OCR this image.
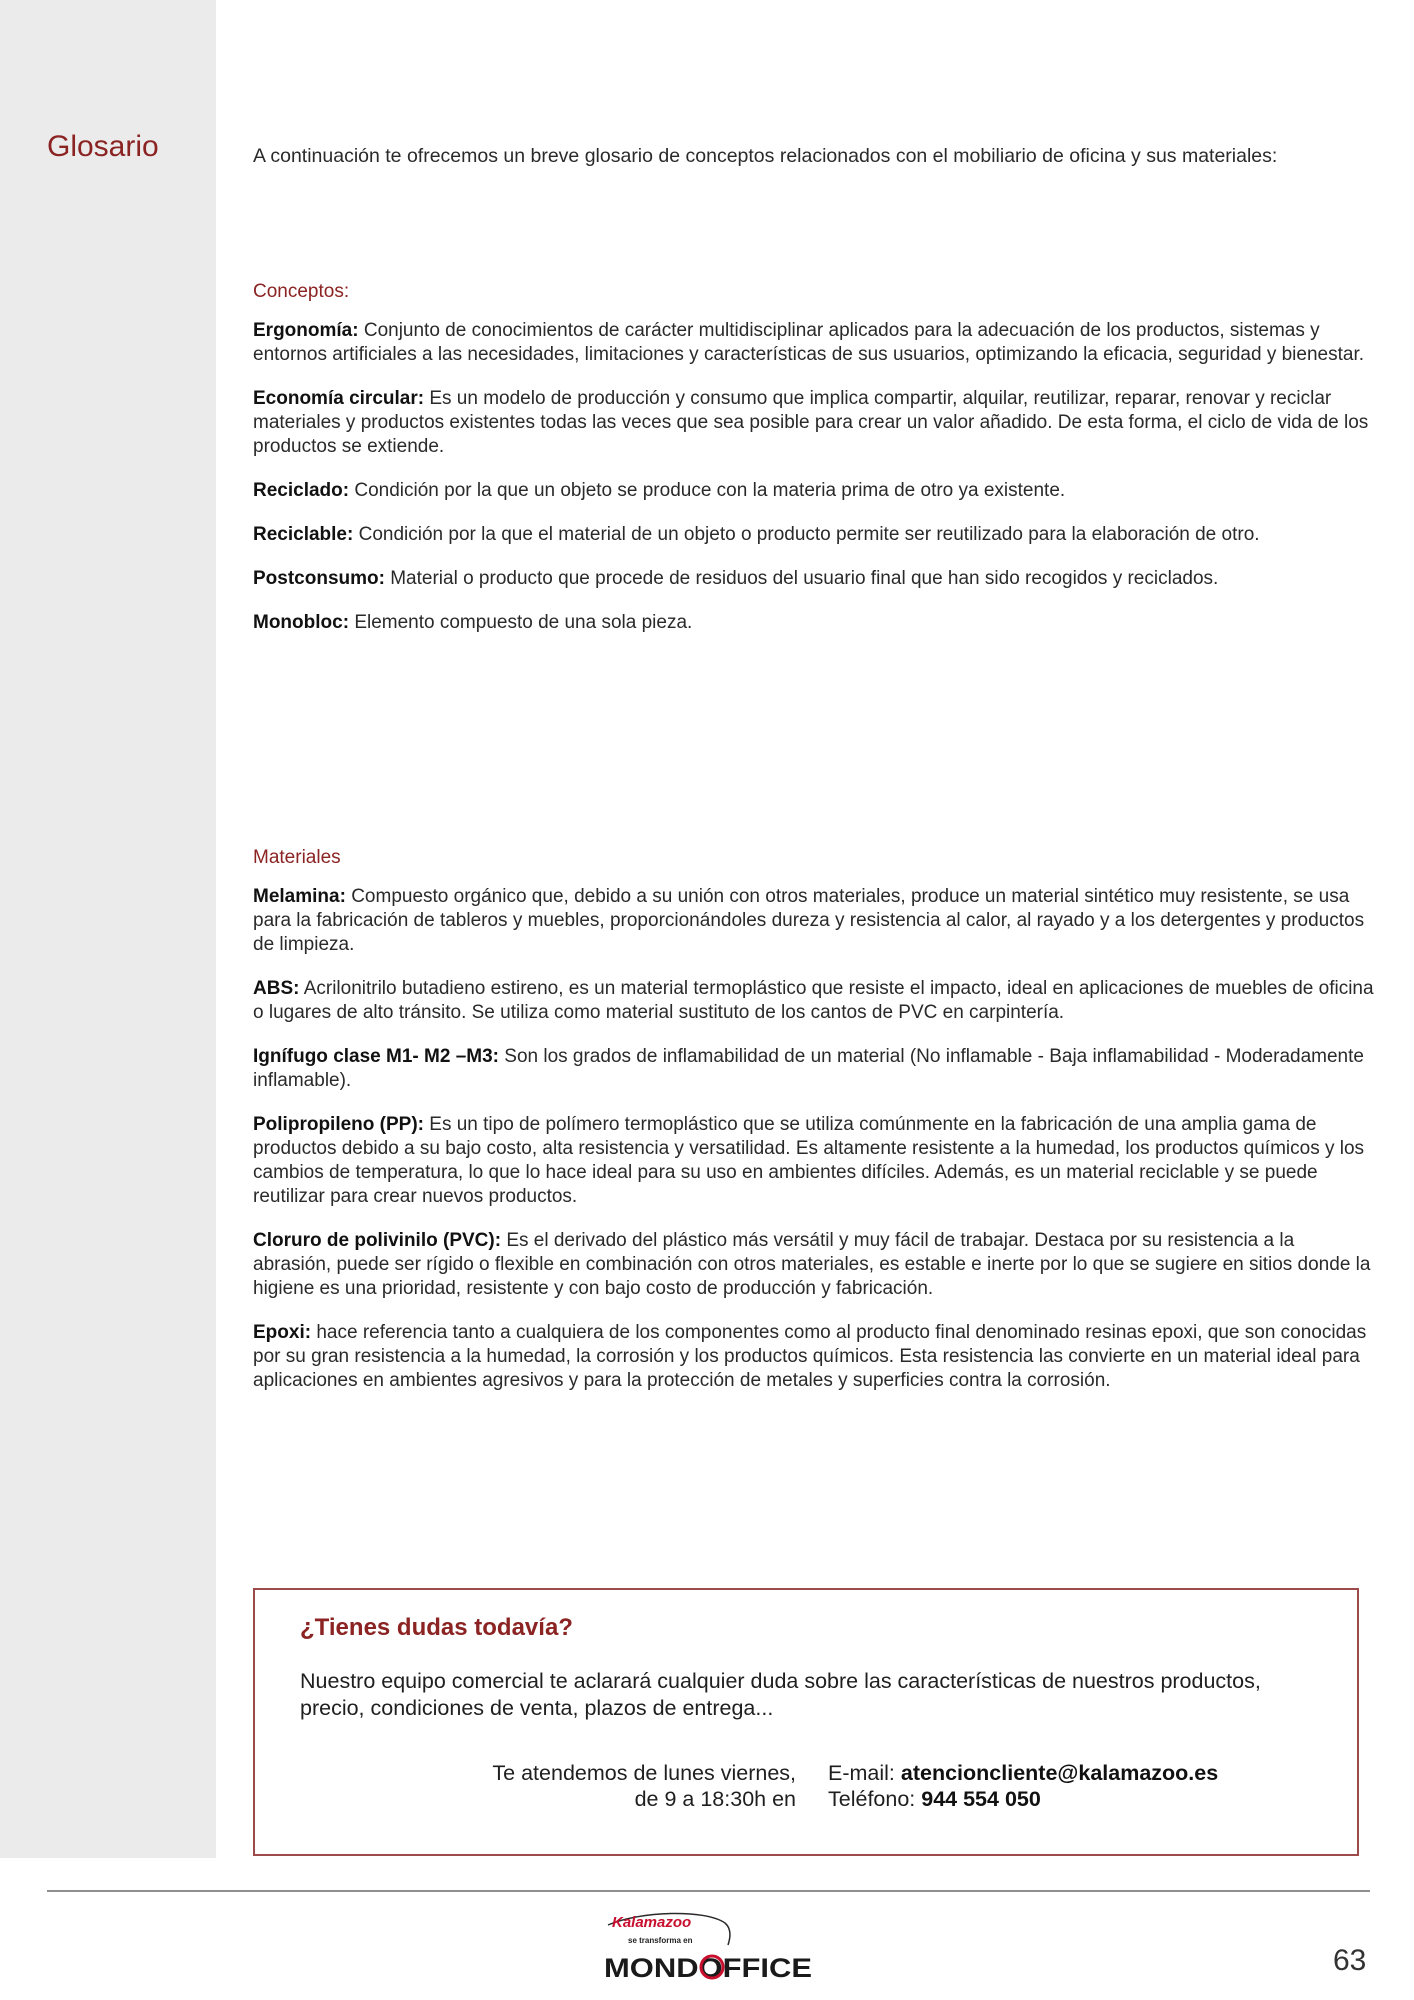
Glosario	A continuación te ofrecemos un breve glosario de conceptos relacionados con el mobiliario de oficina y sus materiales:

Conceptos:

Ergonomía: Conjunto de conocimientos de carácter multidisciplinar aplicados para la adecuación de los productos, sistemas y entornos artificiales a las necesidades, limitaciones y características de sus usuarios, optimizando la eficacia, seguridad y bienestar.

Economía circular: Es un modelo de producción y consumo que implica compartir, alquilar, reutilizar, reparar, renovar y reciclar materiales y productos existentes todas las veces que sea posible para crear un valor añadido. De esta forma, el ciclo de vida de los productos se extiende.

Reciclado: Condición por la que un objeto se produce con la materia prima de otro ya existente.

Reciclable: Condición por la que el material de un objeto o producto permite ser reutilizado para la elaboración de otro.

Postconsumo: Material o producto que procede de residuos del usuario final que han sido recogidos y reciclados.

Monobloc: Elemento compuesto de una sola pieza.

Materiales

Melamina: Compuesto orgánico que, debido a su unión con otros materiales, produce un material sintético muy resistente, se usa para la fabricación de tableros y muebles, proporcionándoles dureza y resistencia al calor, al rayado y a los detergentes y productos de limpieza.

ABS: Acrilonitrilo butadieno estireno, es un material termoplástico que resiste el impacto, ideal en aplicaciones de muebles de oficina o lugares de alto tránsito. Se utiliza como material sustituto de los cantos de PVC en carpintería.

Ignífugo clase M1- M2 –M3: Son los grados de inflamabilidad de un material (No inflamable - Baja inflamabilidad - Moderadamente inflamable).

Polipropileno (PP): Es un tipo de polímero termoplástico que se utiliza comúnmente en la fabricación de una amplia gama de productos debido a su bajo costo, alta resistencia y versatilidad. Es altamente resistente a la humedad, los productos químicos y los cambios de temperatura, lo que lo hace ideal para su uso en ambientes difíciles. Además, es un material reciclable y se puede reutilizar para crear nuevos productos.

Cloruro de polivinilo (PVC): Es el derivado del plástico más versátil y muy fácil de trabajar. Destaca por su resistencia a la abrasión, puede ser rígido o flexible en combinación con otros materiales, es estable e inerte por lo que se sugiere en sitios donde la higiene es una prioridad, resistente y con bajo costo de producción y fabricación.

Epoxi: hace referencia tanto a cualquiera de los componentes como al producto final denominado resinas epoxi, que son conocidas por su gran resistencia a la humedad, la corrosión y los productos químicos. Esta resistencia las convierte en un material ideal para aplicaciones en ambientes agresivos y para la protección de metales y superficies contra la corrosión.

¿Tienes dudas todavía?

Nuestro equipo comercial te aclarará cualquier duda sobre las características de nuestros productos, precio, condiciones de venta, plazos de entrega...

Te atendemos de lunes viernes,
de 9 a 18:30h en
E-mail: atencioncliente@kalamazoo.es
Teléfono: 944 554 050
Kalamazoo
se transforma en
MONDOFFICE	63
